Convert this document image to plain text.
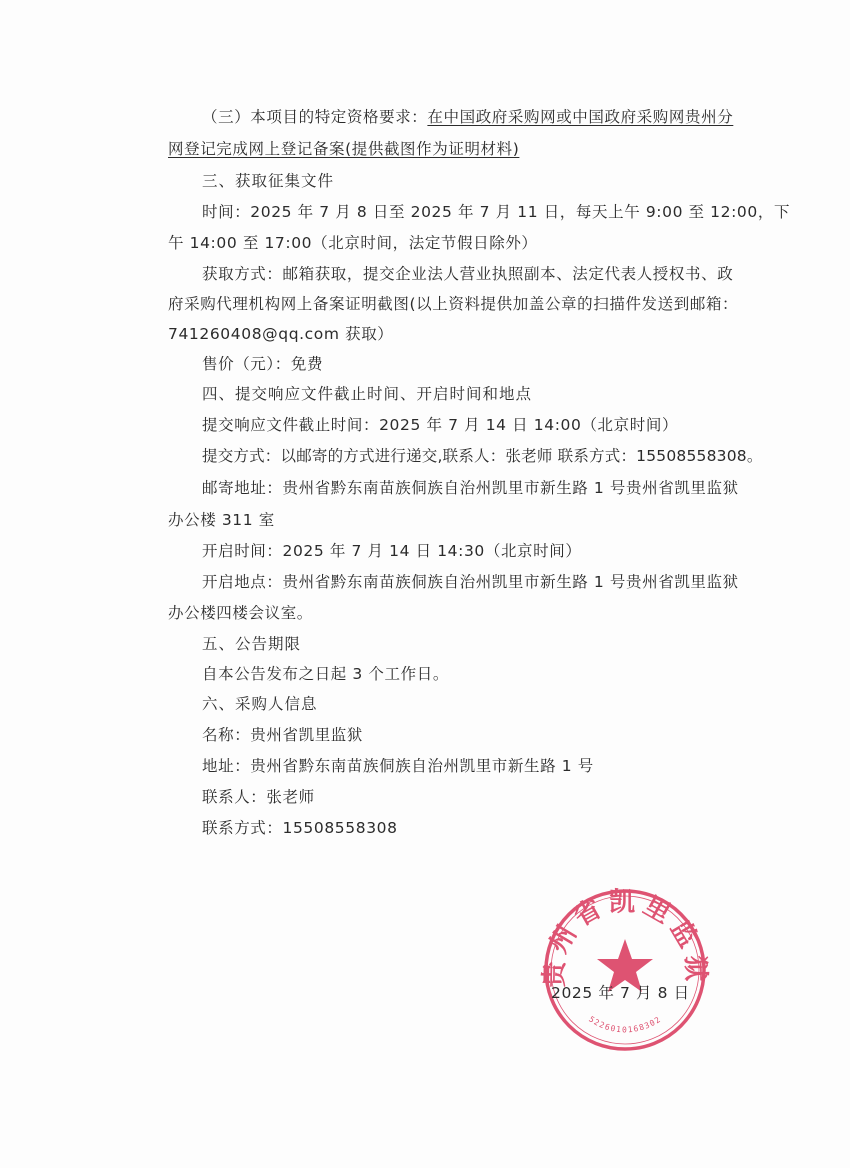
（三）本项目的特定资格要求：在中国政府采购网或中国政府采购网贵州分
网登记完成网上登记备案(提供截图作为证明材料)
三、获取征集文件
时间：2025 年 7 月 8 日至 2025 年 7 月 11 日，每天上午 9:00 至 12:00，下
午 14:00 至 17:00（北京时间，法定节假日除外）
获取方式：邮箱获取，提交企业法人营业执照副本、法定代表人授权书、政
府采购代理机构网上备案证明截图(以上资料提供加盖公章的扫描件发送到邮箱：
741260408@qq.com 获取）
售价（元）：免费
四、提交响应文件截止时间、开启时间和地点
提交响应文件截止时间：2025 年 7 月 14 日 14:00（北京时间）
提交方式：以邮寄的方式进行递交,联系人：张老师 联系方式：15508558308。
邮寄地址：贵州省黔东南苗族侗族自治州凯里市新生路 1 号贵州省凯里监狱
办公楼 311 室
开启时间：2025 年 7 月 14 日 14:30（北京时间）
开启地点：贵州省黔东南苗族侗族自治州凯里市新生路 1 号贵州省凯里监狱
办公楼四楼会议室。
五、公告期限
自本公告发布之日起 3 个工作日。
六、采购人信息
名称：贵州省凯里监狱
地址：贵州省黔东南苗族侗族自治州凯里市新生路 1 号
联系人：张老师
联系方式：15508558308
贵州省凯里监狱
5226010168302
2025 年 7 月 8 日
